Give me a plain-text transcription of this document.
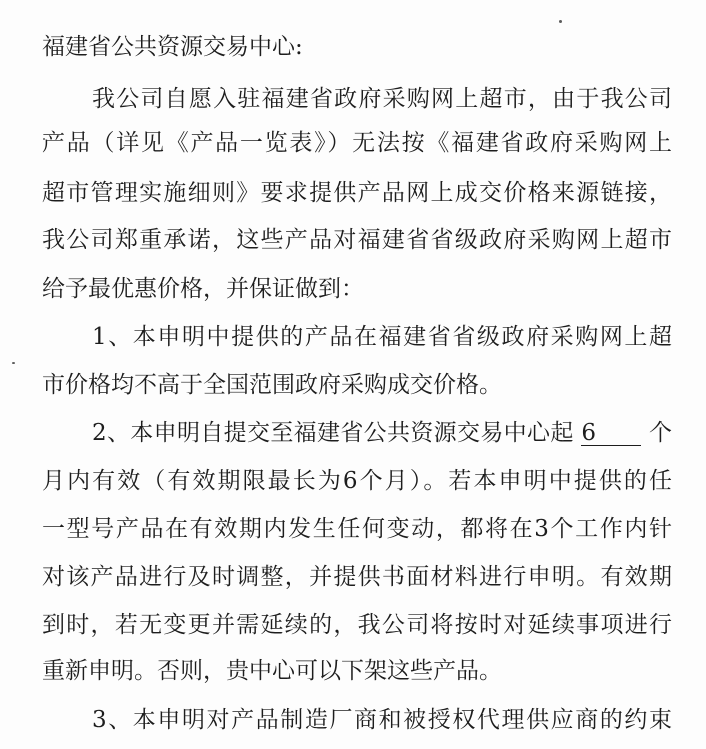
福建省公共资源交易中心:
我公司自愿入驻福建省政府采购网上超市，由于我公司
产品（详见《产品一览表》）无法按《福建省政府采购网上
超市管理实施细则》要求提供产品网上成交价格来源链接，
我公司郑重承诺，这些产品对福建省省级政府采购网上超市
给予最优惠价格，并保证做到：
1、本申明中提供的产品在福建省省级政府采购网上超
市价格均不高于全国范围政府采购成交价格。
2、本申明自提交至福建省公共资源交易中心起 6 个
月内有效（有效期限最长为6个月）。若本申明中提供的任
一型号产品在有效期内发生任何变动，都将在3个工作内针
对该产品进行及时调整，并提供书面材料进行申明。有效期
到时，若无变更并需延续的，我公司将按时对延续事项进行
重新申明。否则，贵中心可以下架这些产品。
3、本申明对产品制造厂商和被授权代理供应商的约束
